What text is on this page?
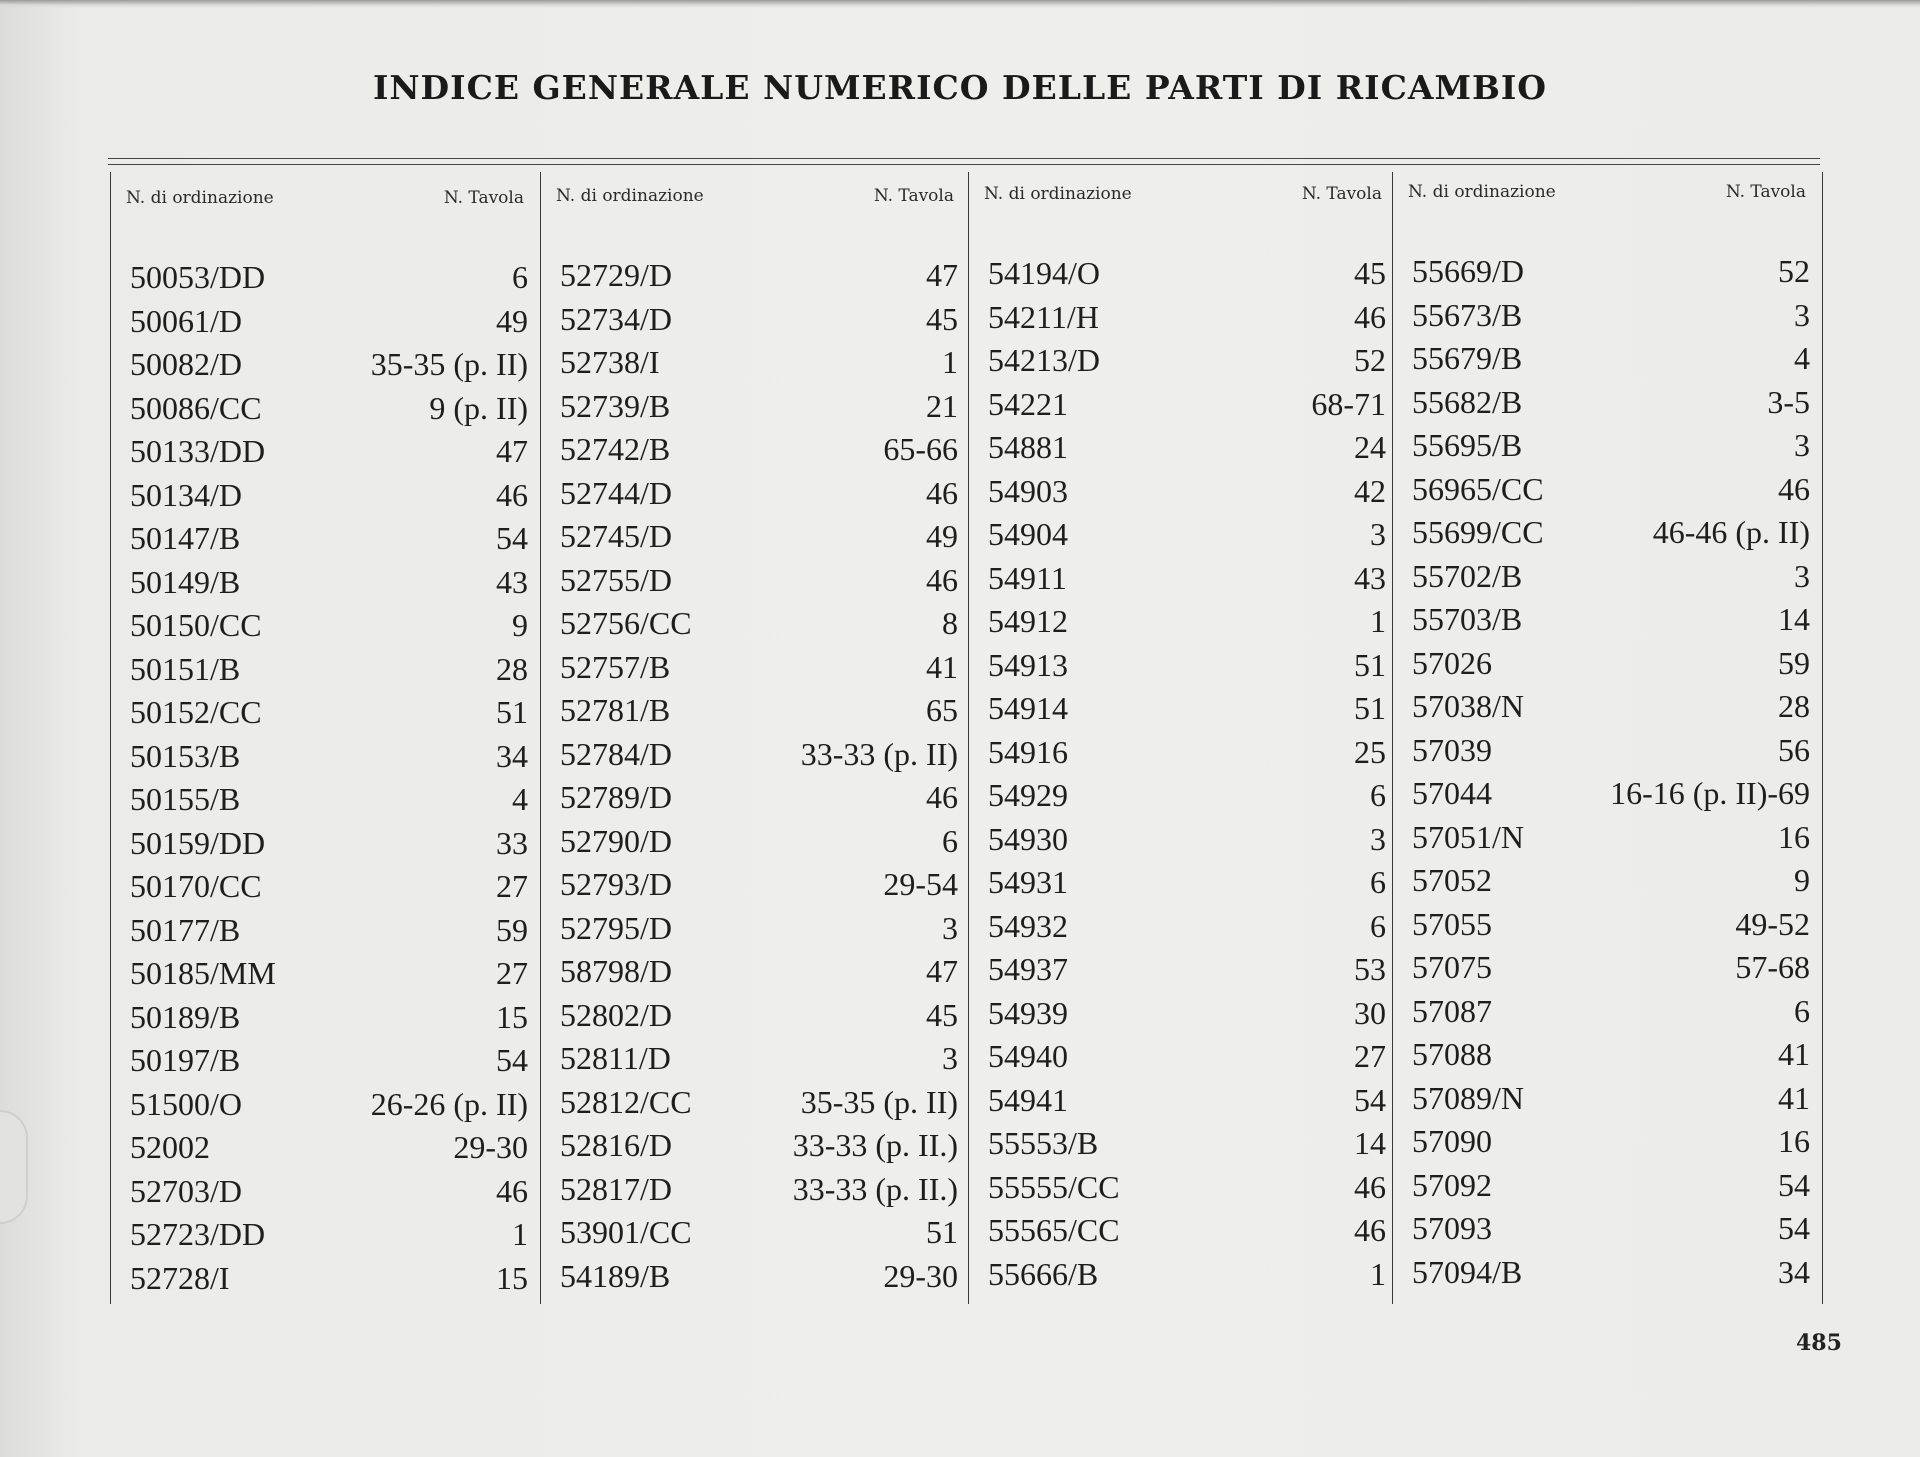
INDICE GENERALE NUMERICO DELLE PARTI DI RICAMBIO
N. di ordinazione	N. Tavola
50053/DD	6
50061/D	49
50082/D	35-35 (p. II)
50086/CC	9 (p. II)
50133/DD	47
50134/D	46
50147/B	54
50149/B	43
50150/CC	9
50151/B	28
50152/CC	51
50153/B	34
50155/B	4
50159/DD	33
50170/CC	27
50177/B	59
50185/MM	27
50189/B	15
50197/B	54
51500/O	26-26 (p. II)
52002	29-30
52703/D	46
52723/DD	1
52728/I	15
N. di ordinazione	N. Tavola
52729/D	47
52734/D	45
52738/I	1
52739/B	21
52742/B	65-66
52744/D	46
52745/D	49
52755/D	46
52756/CC	8
52757/B	41
52781/B	65
52784/D	33-33 (p. II)
52789/D	46
52790/D	6
52793/D	29-54
52795/D	3
58798/D	47
52802/D	45
52811/D	3
52812/CC	35-35 (p. II)
52816/D	33-33 (p. II.)
52817/D	33-33 (p. II.)
53901/CC	51
54189/B	29-30
N. di ordinazione	N. Tavola
54194/O	45
54211/H	46
54213/D	52
54221	68-71
54881	24
54903	42
54904	3
54911	43
54912	1
54913	51
54914	51
54916	25
54929	6
54930	3
54931	6
54932	6
54937	53
54939	30
54940	27
54941	54
55553/B	14
55555/CC	46
55565/CC	46
55666/B	1
N. di ordinazione	N. Tavola
55669/D	52
55673/B	3
55679/B	4
55682/B	3-5
55695/B	3
56965/CC	46
55699/CC	46-46 (p. II)
55702/B	3
55703/B	14
57026	59
57038/N	28
57039	56
57044	16-16 (p. II)-69
57051/N	16
57052	9
57055	49-52
57075	57-68
57087	6
57088	41
57089/N	41
57090	16
57092	54
57093	54
57094/B	34
485
